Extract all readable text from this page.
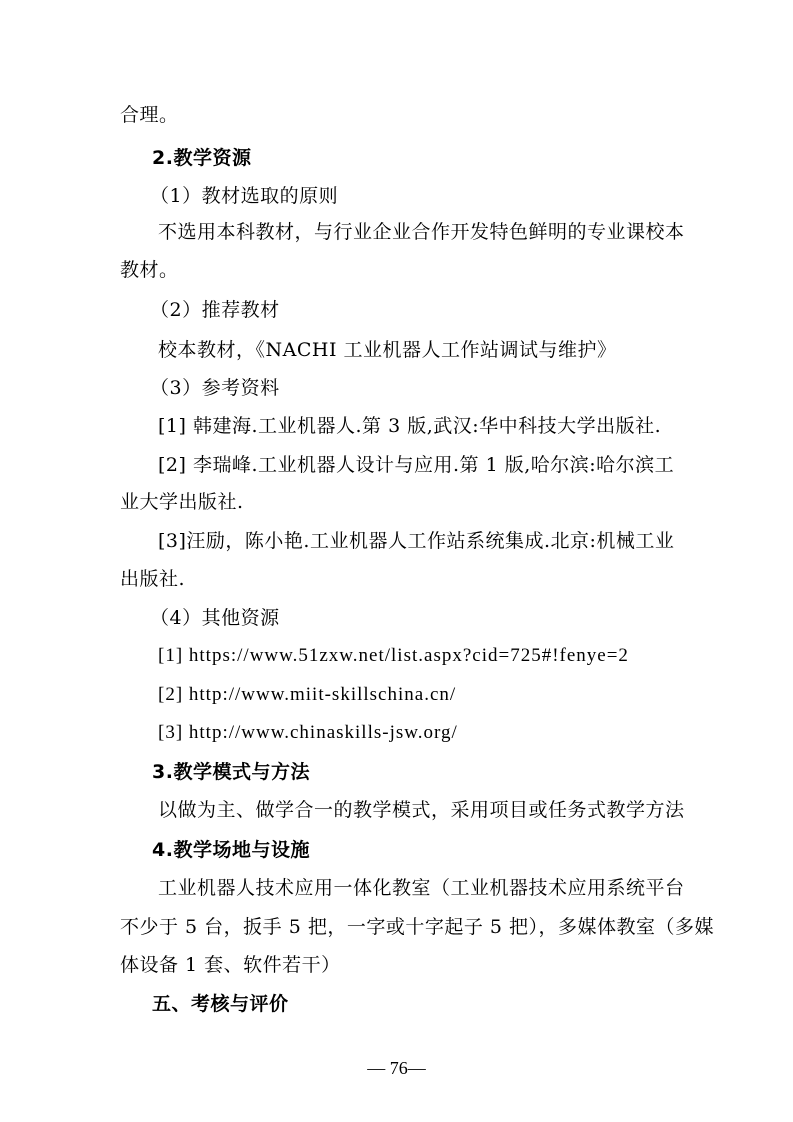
合理。
2.教学资源
（1）教材选取的原则
不选用本科教材，与行业企业合作开发特色鲜明的专业课校本
教材。
（2）推荐教材
校本教材，《NACHI 工业机器人工作站调试与维护》
（3）参考资料
[1] 韩建海.工业机器人.第 3 版,武汉:华中科技大学出版社.
[2] 李瑞峰.工业机器人设计与应用.第 1 版,哈尔滨:哈尔滨工
业大学出版社.
[3]汪励，陈小艳.工业机器人工作站系统集成.北京:机械工业
出版社.
（4）其他资源
[1] https://www.51zxw.net/list.aspx?cid=725#!fenye=2
[2] http://www.miit-skillschina.cn/
[3] http://www.chinaskills-jsw.org/
3.教学模式与方法
以做为主、做学合一的教学模式，采用项目或任务式教学方法
4.教学场地与设施
工业机器人技术应用一体化教室（工业机器技术应用系统平台
不少于 5 台，扳手 5 把，一字或十字起子 5 把），多媒体教室（多媒
体设备 1 套、软件若干）
五、考核与评价
— 76—
